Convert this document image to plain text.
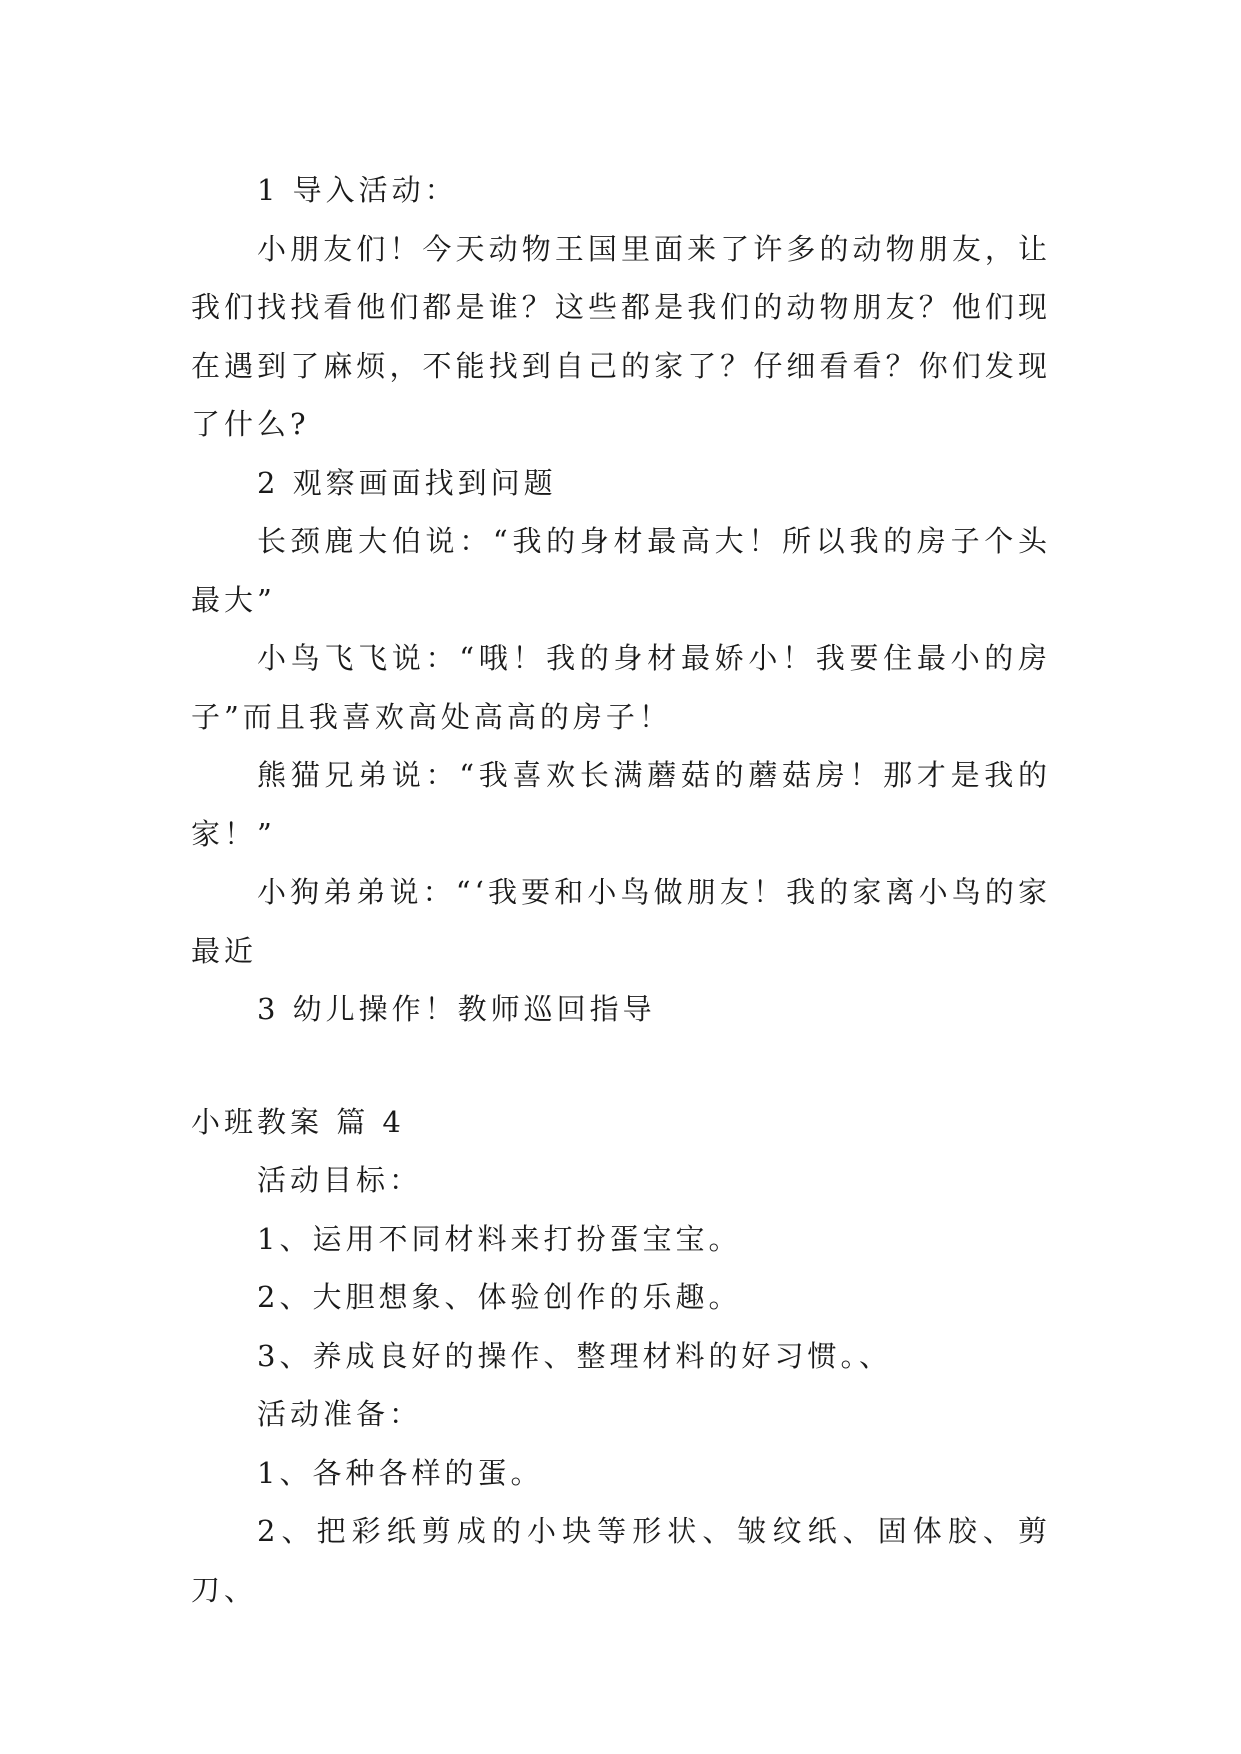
1 导入活动：

小朋友们！今天动物王国里面来了许多的动物朋友，让我们找找看他们都是谁？这些都是我们的动物朋友？他们现在遇到了麻烦，不能找到自己的家了？仔细看看？你们发现了什么?

2 观察画面找到问题

长颈鹿大伯说：“我的身材最高大！所以我的房子个头最大”

小鸟飞飞说：“哦！我的身材最娇小！我要住最小的房子”而且我喜欢高处高高的房子！

熊猫兄弟说：“我喜欢长满蘑菇的蘑菇房！那才是我的家！”

小狗弟弟说：“‘我要和小鸟做朋友！我的家离小鸟的家最近

3 幼儿操作！教师巡回指导

小班教案 篇 4

活动目标：

1、运用不同材料来打扮蛋宝宝。

2、大胆想象、体验创作的乐趣。

3、养成良好的操作、整理材料的好习惯。、

活动准备：

1、各种各样的蛋。

2、把彩纸剪成的小块等形状、皱纹纸、固体胶、剪刀、
